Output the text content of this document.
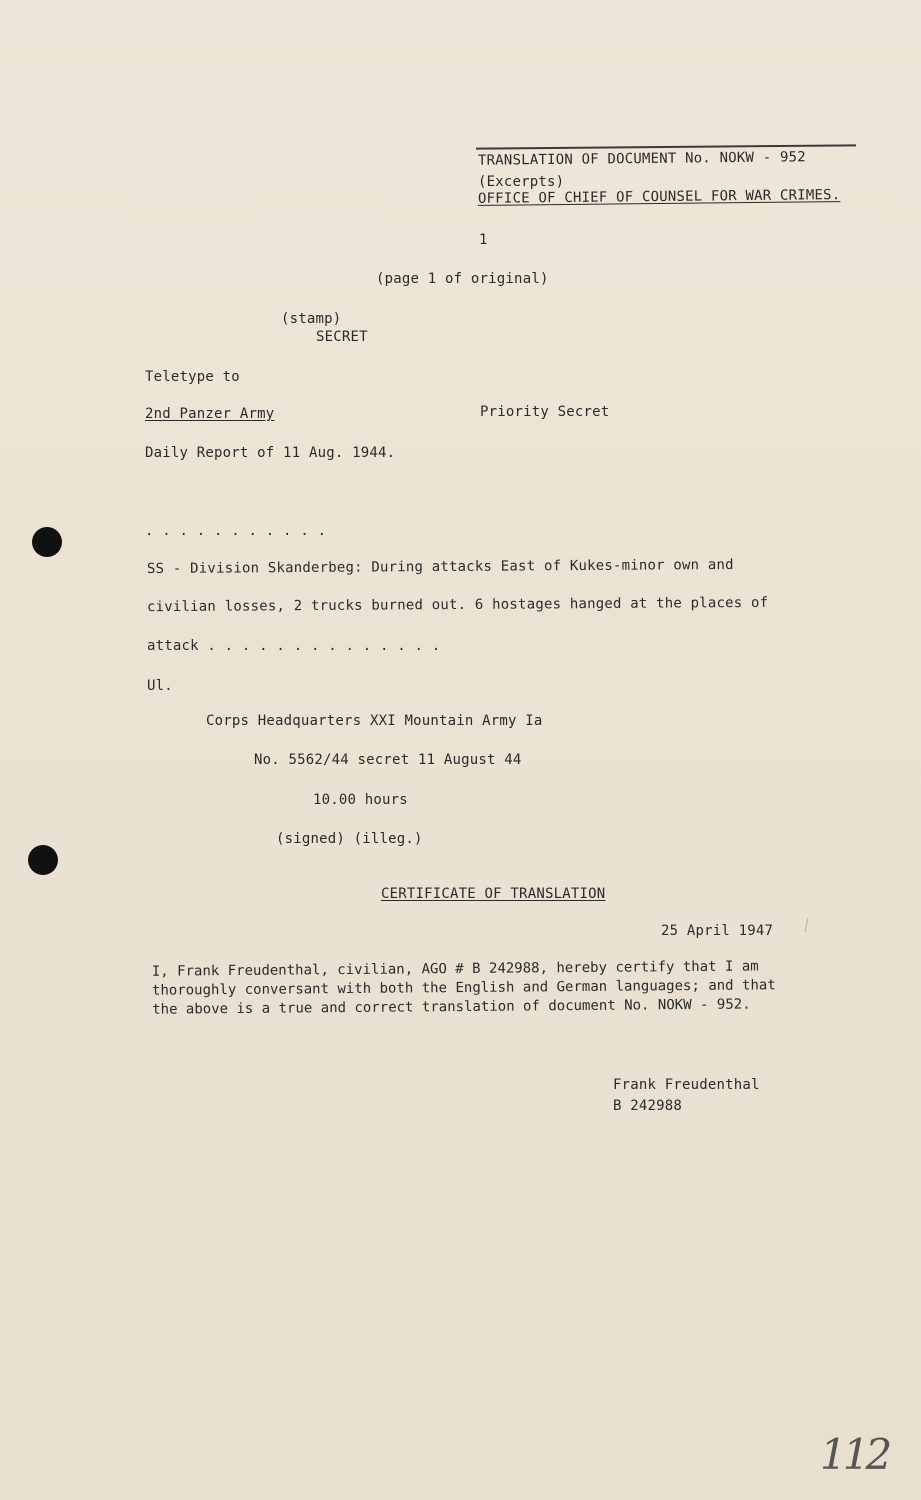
TRANSLATION OF DOCUMENT No. NOKW - 952
(Excerpts)
OFFICE OF CHIEF OF COUNSEL FOR WAR CRIMES.
1
(page 1 of original)
(stamp)
SECRET
Teletype to
2nd Panzer Army	Priority Secret
Daily Report of 11 Aug. 1944.
. . . . . . . . . . .
SS - Division Skanderbeg: During attacks East of Kukes-minor own and
civilian losses, 2 trucks burned out. 6 hostages hanged at the places of
attack . . . . . . . . . . . . . .
Ul.
Corps Headquarters XXI Mountain Army Ia
No. 5562/44 secret 11 August 44
10.00 hours
(signed) (illeg.)
CERTIFICATE OF TRANSLATION
25 April 1947
I, Frank Freudenthal, civilian, AGO # B 242988, hereby certify that I am
thoroughly conversant with both the English and German languages; and that
the above is a true and correct translation of document No. NOKW - 952.
Frank Freudenthal
B 242988
112
